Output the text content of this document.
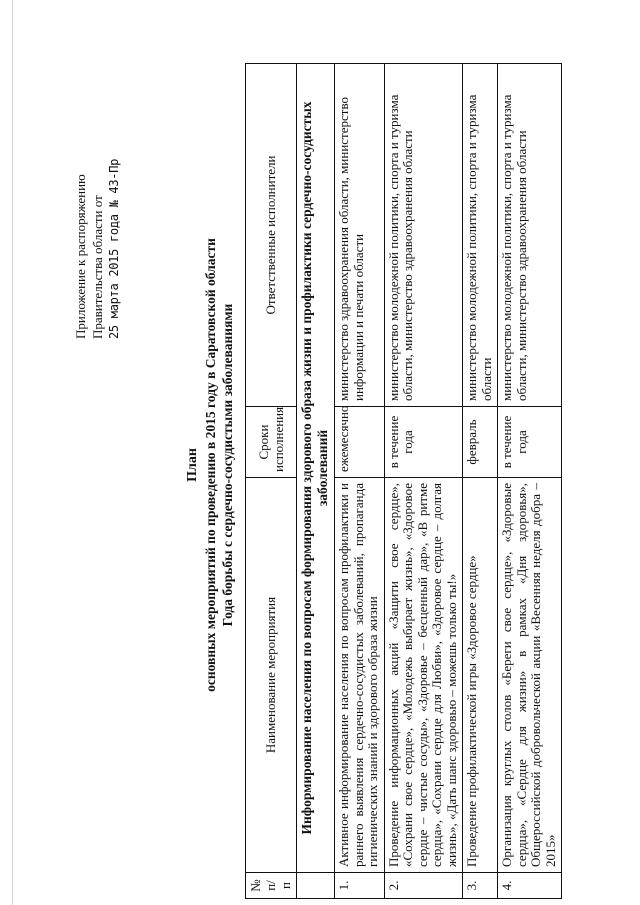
Приложение к распоряжению Правительства области от 25 марта 2015 года № 43-Пр
План основных мероприятий по проведению в 2015 году в Саратовской области Года борьбы с сердечно-сосудистыми заболеваниями
№ п/п	Наименование мероприятия	Сроки исполнения	Ответственные исполнители
	Информирование населения по вопросам формирования здорового образа жизни и профилактики сердечно-сосудистых заболеваний		
1.	Активное информирование населения по вопросам профилактики и раннего выявления сердечно-сосудистых заболеваний, пропаганда гигиенических знаний и здорового образа жизни	ежемесячно	министерство здравоохранения области, министерство информации и печати области
2.	Проведение информационных акций «Защити свое сердце», «Сохрани свое сердце», «Молодежь выбирает жизнь», «Здоровое сердце – чистые сосуды», «Здоровье – бесценный дар», «В ритме сердца», «Сохрани сердце для Любви», «Здоровое сердце – долгая жизнь», «Дать шанс здоровью – можешь только ты!»	в течение года	министерство молодежной политики, спорта и туризма области, министерство здравоохранения области
3.	Проведение профилактической игры «Здоровое сердце»	февраль	министерство молодежной политики, спорта и туризма области
4.	Организация круглых столов «Береги свое сердце», «Здоровые сердца», «Сердце для жизни» в рамках «Дня здоровья», Общероссийской добровольческой акции «Весенняя неделя добра – 2015»	в течение года	министерство молодежной политики, спорта и туризма области, министерство здравоохранения области
